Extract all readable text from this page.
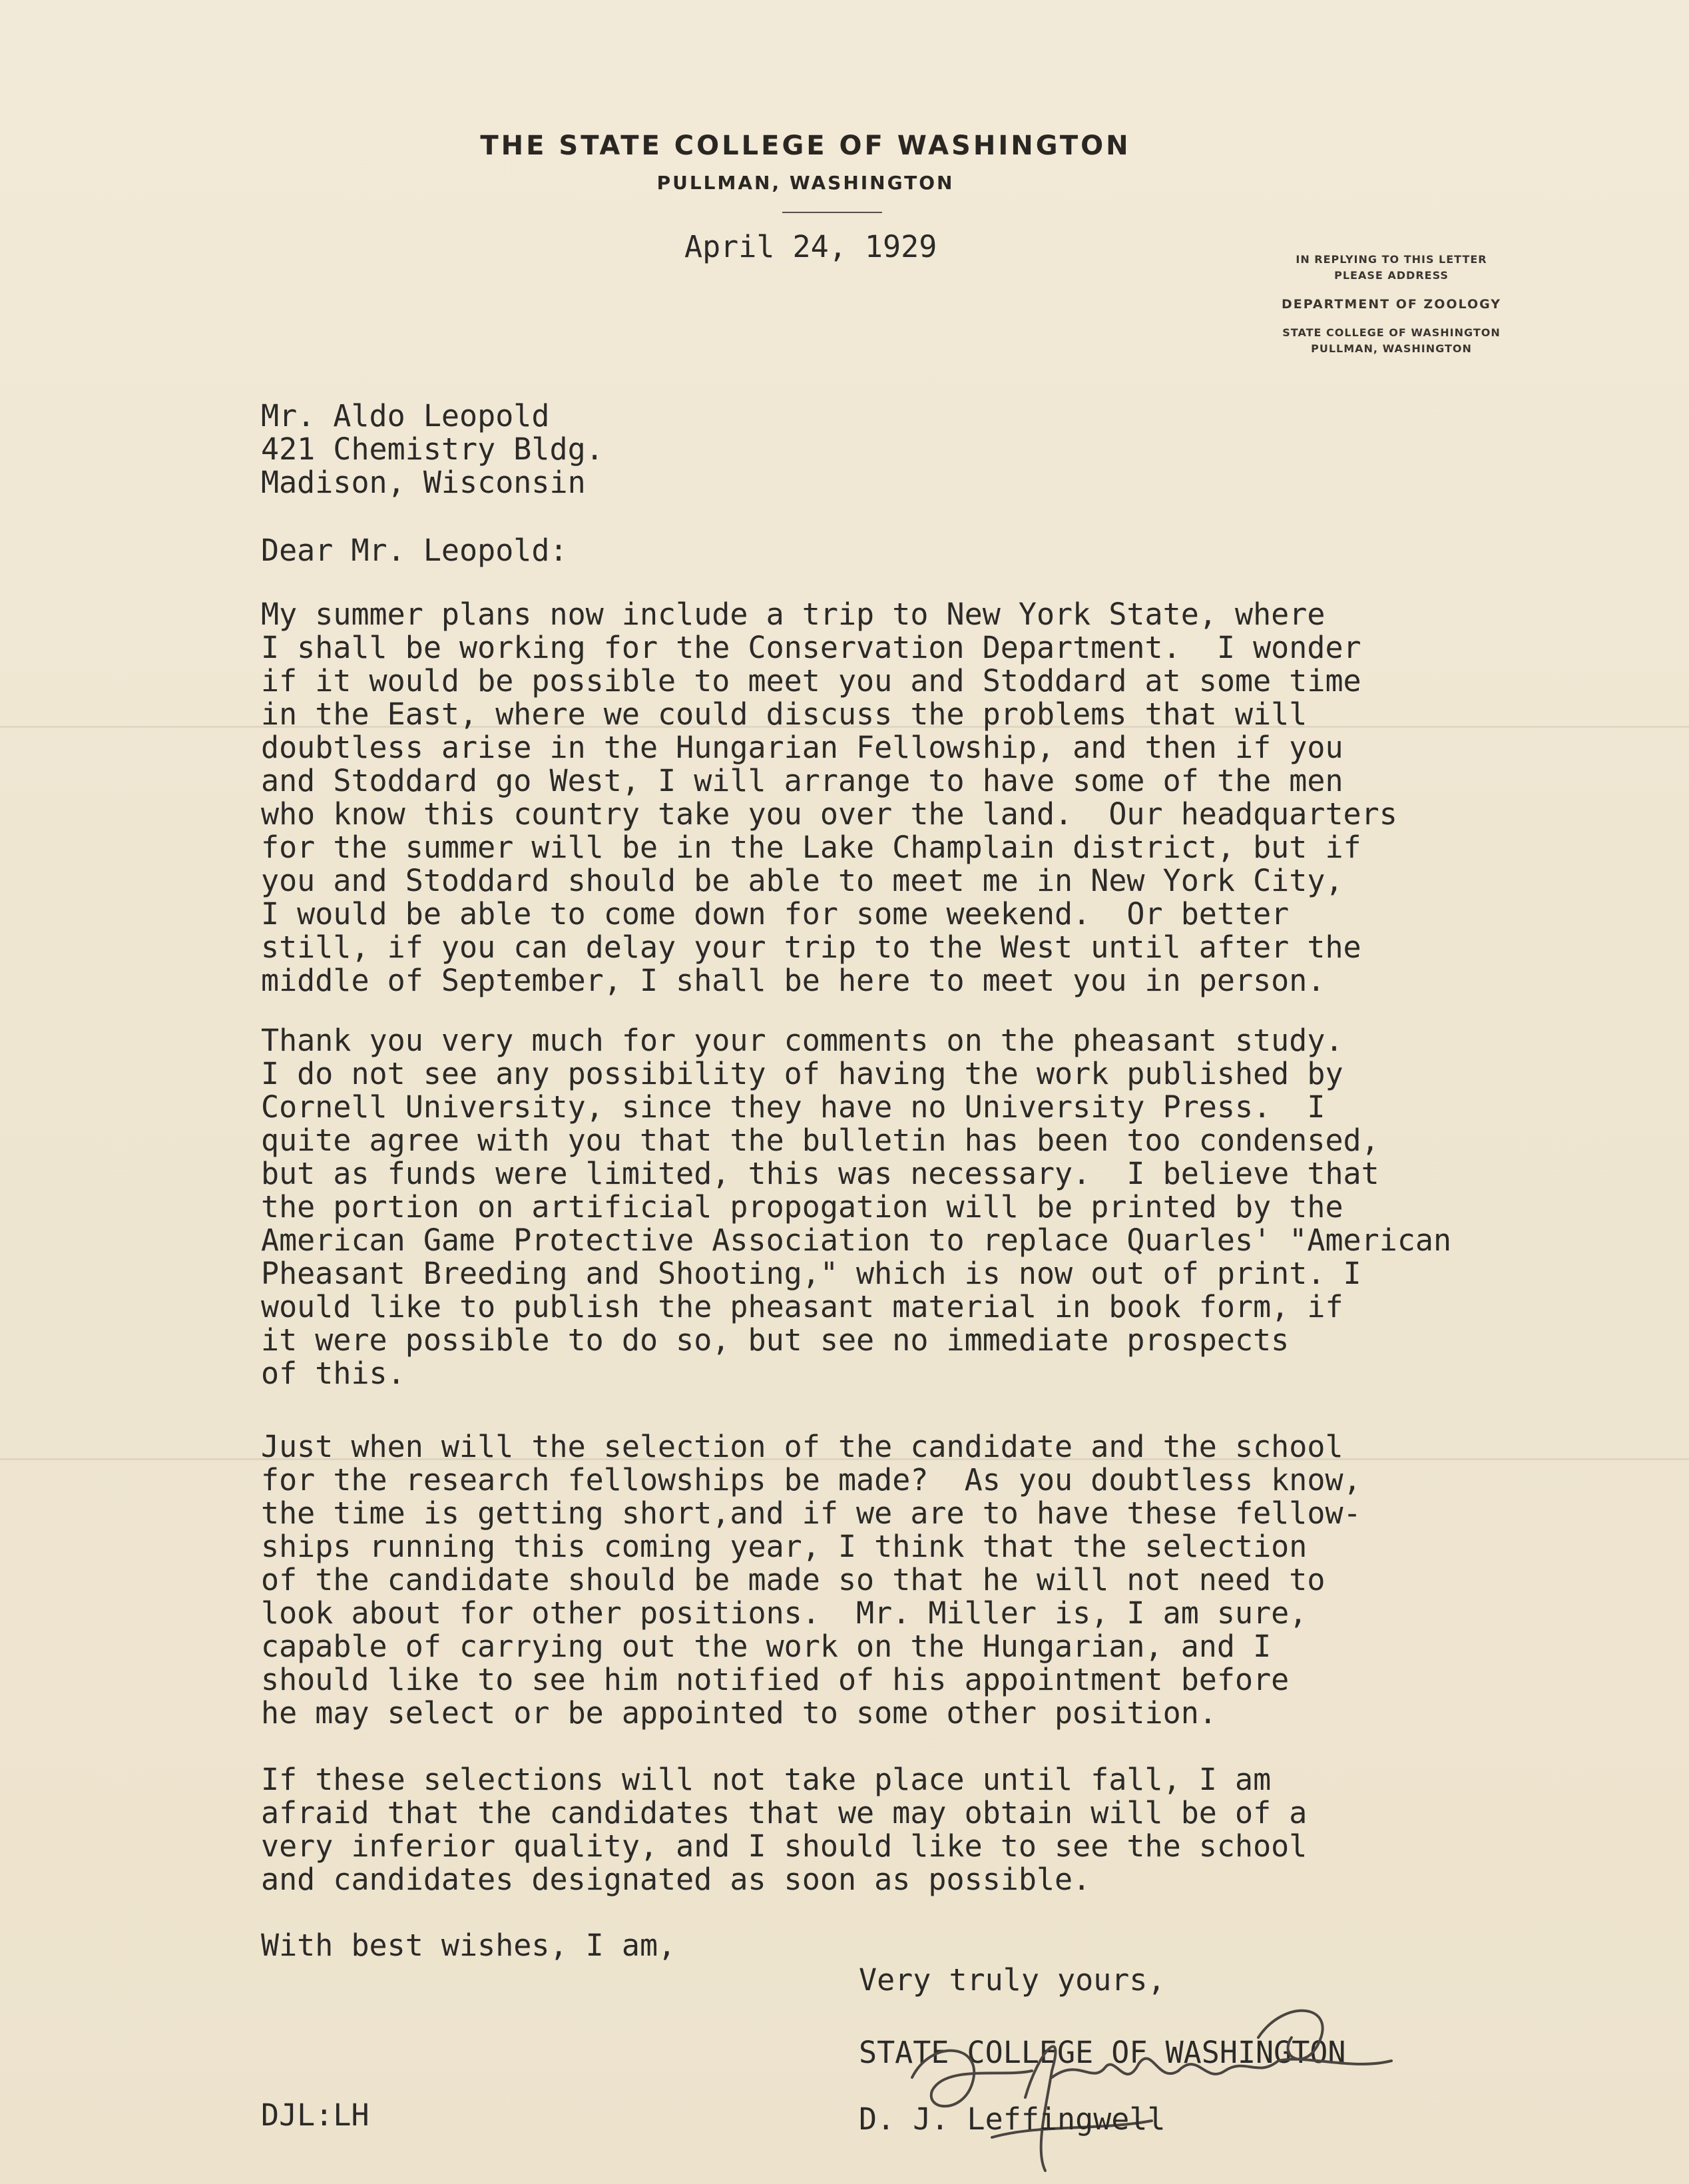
THE STATE COLLEGE OF WASHINGTON
PULLMAN, WASHINGTON
April 24, 1929	IN REPLYING TO THIS LETTER
PLEASE ADDRESS
DEPARTMENT OF ZOOLOGY
STATE COLLEGE OF WASHINGTON
PULLMAN, WASHINGTON
Mr. Aldo Leopold
421 Chemistry Bldg.
Madison, Wisconsin
Dear Mr. Leopold:
My summer plans now include a trip to New York State, where
I shall be working for the Conservation Department.  I wonder
if it would be possible to meet you and Stoddard at some time
in the East, where we could discuss the problems that will
doubtless arise in the Hungarian Fellowship, and then if you
and Stoddard go West, I will arrange to have some of the men
who know this country take you over the land.  Our headquarters
for the summer will be in the Lake Champlain district, but if
you and Stoddard should be able to meet me in New York City,
I would be able to come down for some weekend.  Or better
still, if you can delay your trip to the West until after the
middle of September, I shall be here to meet you in person.
Thank you very much for your comments on the pheasant study.
I do not see any possibility of having the work published by
Cornell University, since they have no University Press.  I
quite agree with you that the bulletin has been too condensed,
but as funds were limited, this was necessary.  I believe that
the portion on artificial propogation will be printed by the
American Game Protective Association to replace Quarles' "American
Pheasant Breeding and Shooting," which is now out of print. I
would like to publish the pheasant material in book form, if
it were possible to do so, but see no immediate prospects
of this.
Just when will the selection of the candidate and the school
for the research fellowships be made?  As you doubtless know,
the time is getting short,and if we are to have these fellow-
ships running this coming year, I think that the selection
of the candidate should be made so that he will not need to
look about for other positions.  Mr. Miller is, I am sure,
capable of carrying out the work on the Hungarian, and I
should like to see him notified of his appointment before
he may select or be appointed to some other position.
If these selections will not take place until fall, I am
afraid that the candidates that we may obtain will be of a
very inferior quality, and I should like to see the school
and candidates designated as soon as possible.
With best wishes, I am,
Very truly yours,
STATE COLLEGE OF WASHINGTON
D. J. Leffingwell
DJL:LH
